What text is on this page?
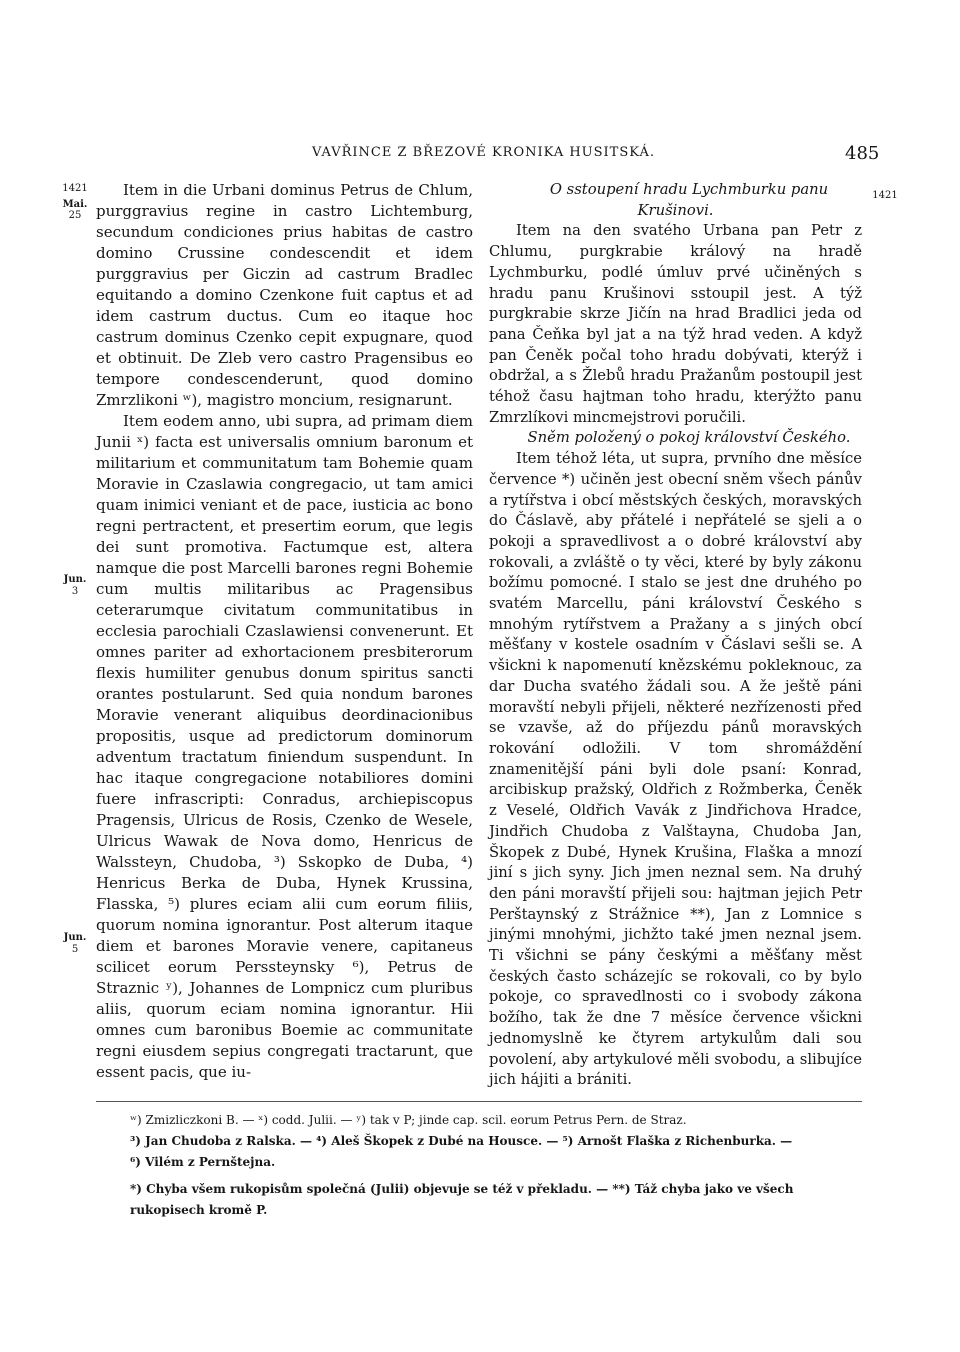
VAVŘINCE Z BŘEZOVÉ KRONIKA HUSITSKÁ.	485
1421
Mai.
25
Jun.
3
Jun.
5
1421

Item in die Urbani dominus Petrus de Chlum, purggravius regine in castro Lichtemburg, secundum condiciones prius habitas de castro domino Crussine condescendit et idem purggravius per Giczin ad castrum Bradlec equitando a domino Czenkone fuit captus et ad idem castrum ductus. Cum eo itaque hoc castrum dominus Czenko cepit expugnare, quod et obtinuit. De Zleb vero castro Pragensibus eo tempore condescenderunt, quod domino Zmrzlikoni ʷ), magistro moncium, resignarunt.

Item eodem anno, ubi supra, ad primam diem Junii ˣ) facta est universalis omnium baronum et militarium et communitatum tam Bohemie quam Moravie in Czaslawia congregacio, ut tam amici quam inimici veniant et de pace, iusticia ac bono regni pertractent, et presertim eorum, que legis dei sunt promotiva. Factumque est, altera namque die post Marcelli barones regni Bohemie cum multis militaribus ac Pragensibus ceterarumque civitatum communitatibus in ecclesia parochiali Czaslawiensi convenerunt. Et omnes pariter ad exhortacionem presbiterorum flexis humiliter genubus donum spiritus sancti orantes postularunt. Sed quia nondum barones Moravie venerant aliquibus deordinacionibus propositis, usque ad predictorum dominorum adventum tractatum finiendum suspendunt. In hac itaque congregacione notabiliores domini fuere infrascripti: Conradus, archiepiscopus Pragensis, Ulricus de Rosis, Czenko de Wesele, Ulricus Wawak de Nova domo, Henricus de Walssteyn, Chudoba, ³) Sskopko de Duba, ⁴) Henricus Berka de Duba, Hynek Krussina, Flasska, ⁵) plures eciam alii cum eorum filiis, quorum nomina ignorantur. Post alterum itaque diem et barones Moravie venere, capitaneus scilicet eorum Perssteynsky ⁶), Petrus de Straznic ʸ), Johannes de Lompnicz cum pluribus aliis, quorum eciam nomina ignorantur. Hii omnes cum baronibus Boemie ac communitate regni eiusdem sepius congregati tractarunt, que essent pacis, que iu-

O sstoupení hradu Lychmburku panu Krušinovi.

Item na den svatého Urbana pan Petr z Chlumu, purgkrabie králový na hradě Lychmburku, podlé úmluv prvé učiněných s hradu panu Krušinovi sstoupil jest. A týž purgkrabie skrze Jičín na hrad Bradlici jeda od pana Čeňka byl jat a na týž hrad veden. A když pan Čeněk počal toho hradu dobývati, kterýž i obdržal, a s Žlebů hradu Pražanům postoupil jest téhož času hajtman toho hradu, kterýžto panu Zmrzlíkovi mincmejstrovi poručili.

Sněm položený o pokoj království Českého.

Item téhož léta, ut supra, prvního dne měsíce července *) učiněn jest obecní sněm všech pánův a rytířstva i obcí městských českých, moravských do Čáslavě, aby přátelé i nepřátelé se sjeli a o pokoji a spravedlivost a o dobré království aby rokovali, a zvláště o ty věci, které by byly zákonu božímu pomocné. I stalo se jest dne druhého po svatém Marcellu, páni království Českého s mnohým rytířstvem a Pražany a s jiných obcí měšťany v kostele osadním v Čáslavi sešli se. A všickni k napomenutí knězskému pokleknouc, za dar Ducha svatého žádali sou. A že ještě páni moravští nebyli přijeli, některé nezřízenosti před se vzavše, až do příjezdu pánů moravských rokování odložili. V tom shromáždění znamenitější páni byli dole psaní: Konrad, arcibiskup pražský, Oldřich z Rožmberka, Čeněk z Veselé, Oldřich Vavák z Jindřichova Hradce, Jindřich Chudoba z Valštayna, Chudoba Jan, Škopek z Dubé, Hynek Krušina, Flaška a mnozí jiní s jich syny. Jich jmen neznal sem. Na druhý den páni moravští přijeli sou: hajtman jejich Petr Perštaynský z Strážnice **), Jan z Lomnice s jinými mnohými, jichžto také jmen neznal jsem. Ti všichni se pány českými a měšťany měst českých často scházejíc se rokovali, co by bylo pokoje, co spravedlnosti co i svobody zákona božího, tak že dne 7 měsíce července všickni jednomyslně ke čtyrem artykulům dali sou povolení, aby artykulové měli svobodu, a slibujíce jich hájiti a brániti.

ʷ) Zmizliczkoni B. — ˣ) codd. Julii. — ʸ) tak v P; jinde cap. scil. eorum Petrus Pern. de Straz.
³) Jan Chudoba z Ralska. — ⁴) Aleš Škopek z Dubé na Housce. — ⁵) Arnošt Flaška z Richenburka. —
⁶) Vilém z Pernštejna.
*) Chyba všem rukopisům společná (Julii) objevuje se též v překladu. — **) Táž chyba jako ve všech rukopisech kromě P.
